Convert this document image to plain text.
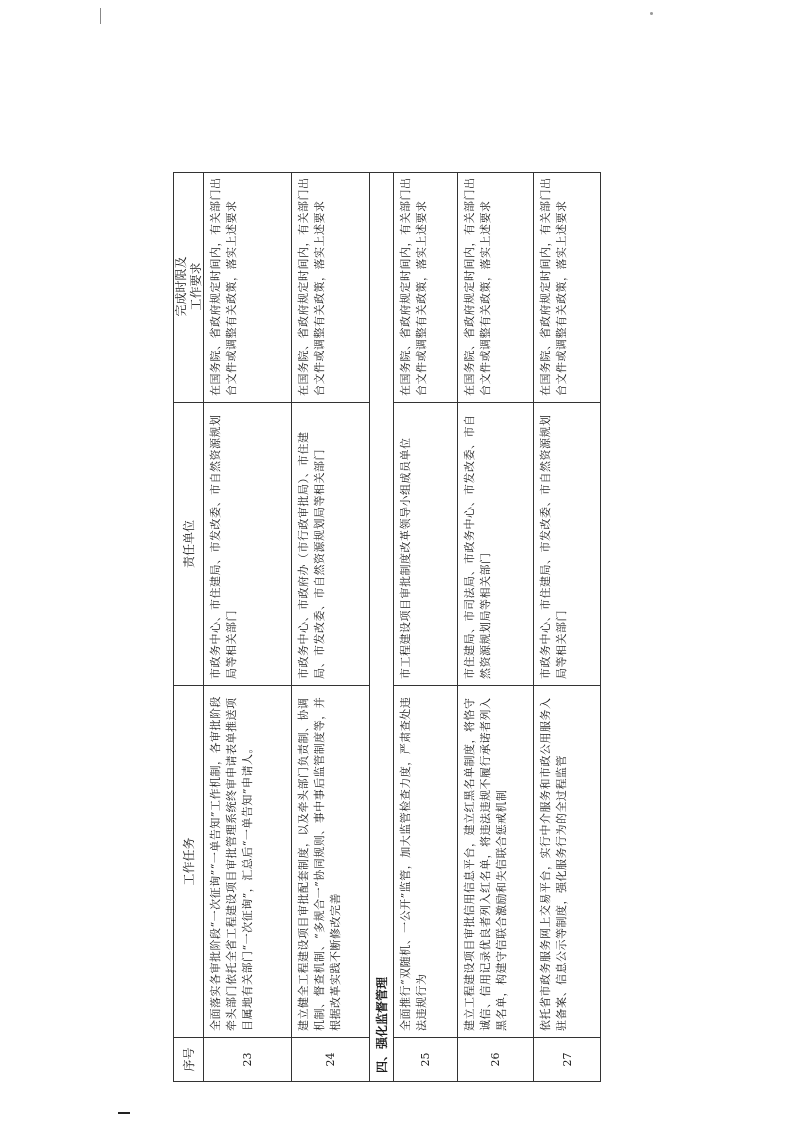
序号
工作任务
责任单位
完成时限及 工作要求
23
全面落实各审批阶段“一次征询”“一单告知”工作机制，各审批阶段牵头部门依托全省工程建设项目审批管理系统终审申请表单推送项目属地有关部门“一次征询”，汇总后“一单告知”申请人。
市政务中心、市住建局、市发改委、市自然资源规划局等相关部门
在国务院、省政府规定时间内，有关部门出台文件或调整有关政策，落实上述要求
24
建立健全工程建设项目审批配套制度，以及牵头部门负责制、协调机制、督查机制、“多规合一”协同规则、事中事后监管制度等，并根据改革实践不断修改完善
市政务中心、市政府办（市行政审批局）、市住建局、市发改委、市自然资源规划局等相关部门
在国务院、省政府规定时间内，有关部门出台文件或调整有关政策，落实上述要求
四、强化监督管理	25
全面推行“双随机、一公开”监管，加大监管检查力度，严肃查处违法违规行为
市工程建设项目审批制度改革领导小组成员单位
在国务院、省政府规定时间内，有关部门出台文件或调整有关政策，落实上述要求
26
建立工程建设项目审批信用信息平台，建立红黑名单制度，将恪守诚信、信用记录优良者列入红名单，将违法违规不履行承诺者列入黑名单，构建守信联合激励和失信联合惩戒机制
市住建局、市司法局、市政务中心、市发改委、市自然资源规划局等相关部门
在国务院、省政府规定时间内，有关部门出台文件或调整有关政策，落实上述要求
27
依托省市政务服务网上交易平台，实行中介服务和市政公用服务入驻备案、信息公示等制度，强化服务行为的全过程监管
市政务中心、市住建局、市发改委、市自然资源规划局等相关部门
在国务院、省政府规定时间内，有关部门出台文件或调整有关政策，落实上述要求
